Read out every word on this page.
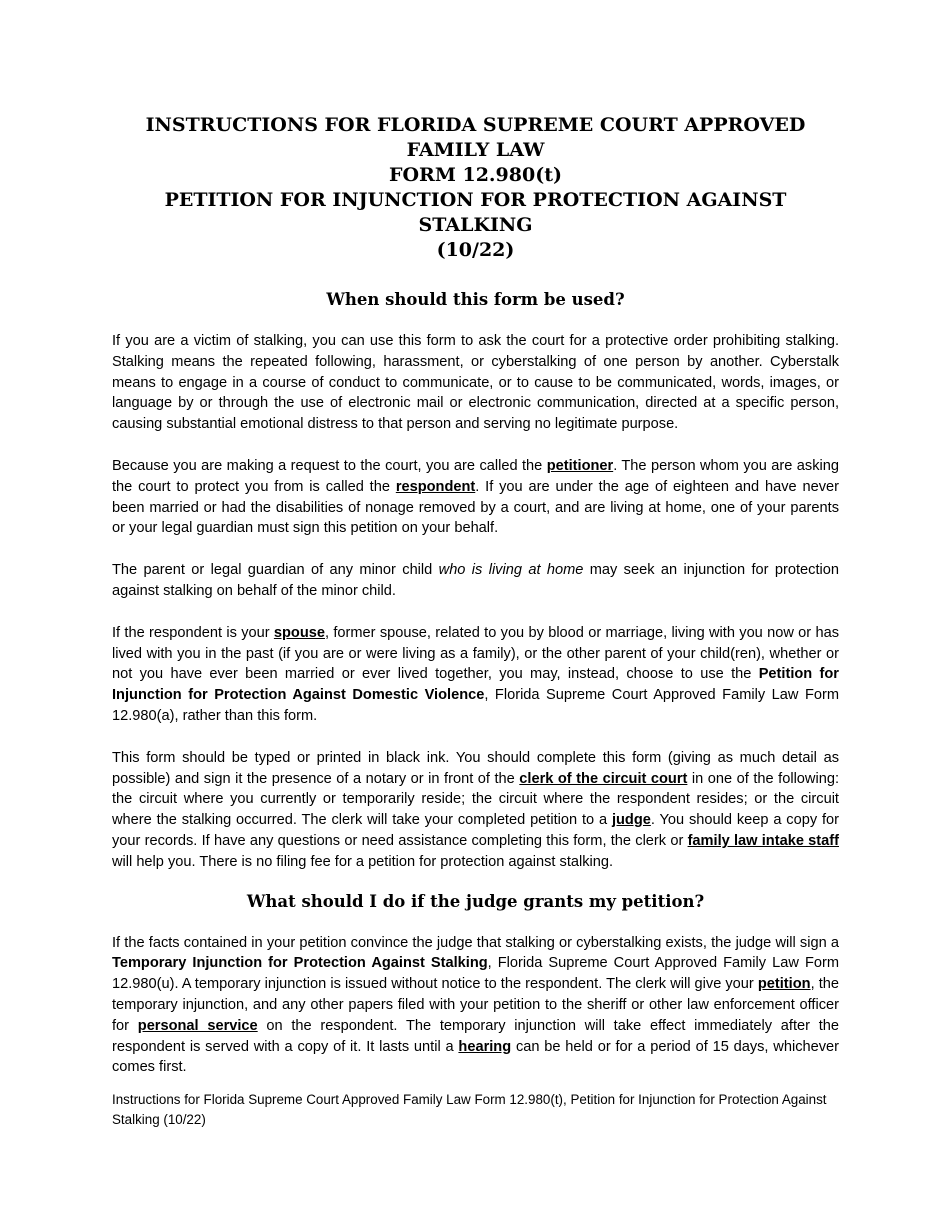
INSTRUCTIONS FOR FLORIDA SUPREME COURT APPROVED FAMILY LAW
FORM 12.980(t)
PETITION FOR INJUNCTION FOR PROTECTION AGAINST STALKING
(10/22)
When should this form be used?

If you are a victim of stalking, you can use this form to ask the court for a protective order prohibiting stalking. Stalking means the repeated following, harassment, or cyberstalking of one person by another. Cyberstalk means to engage in a course of conduct to communicate, or to cause to be communicated, words, images, or language by or through the use of electronic mail or electronic communication, directed at a specific person, causing substantial emotional distress to that person and serving no legitimate purpose.

Because you are making a request to the court, you are called the petitioner. The person whom you are asking the court to protect you from is called the respondent. If you are under the age of eighteen and have never been married or had the disabilities of nonage removed by a court, and are living at home, one of your parents or your legal guardian must sign this petition on your behalf.

The parent or legal guardian of any minor child who is living at home may seek an injunction for protection against stalking on behalf of the minor child.

If the respondent is your spouse, former spouse, related to you by blood or marriage, living with you now or has lived with you in the past (if you are or were living as a family), or the other parent of your child(ren), whether or not you have ever been married or ever lived together, you may, instead, choose to use the Petition for Injunction for Protection Against Domestic Violence, Florida Supreme Court Approved Family Law Form 12.980(a), rather than this form.

This form should be typed or printed in black ink. You should complete this form (giving as much detail as possible) and sign it the presence of a notary or in front of the clerk of the circuit court in one of the following: the circuit where you currently or temporarily reside; the circuit where the respondent resides; or the circuit where the stalking occurred. The clerk will take your completed petition to a judge. You should keep a copy for your records. If have any questions or need assistance completing this form, the clerk or family law intake staff will help you. There is no filing fee for a petition for protection against stalking.

What should I do if the judge grants my petition?

If the facts contained in your petition convince the judge that stalking or cyberstalking exists, the judge will sign a Temporary Injunction for Protection Against Stalking, Florida Supreme Court Approved Family Law Form 12.980(u). A temporary injunction is issued without notice to the respondent. The clerk will give your petition, the temporary injunction, and any other papers filed with your petition to the sheriff or other law enforcement officer for personal service on the respondent. The temporary injunction will take effect immediately after the respondent is served with a copy of it. It lasts until a hearing can be held or for a period of 15 days, whichever comes first.

Instructions for Florida Supreme Court Approved Family Law Form 12.980(t), Petition for Injunction for Protection Against Stalking (10/22)
